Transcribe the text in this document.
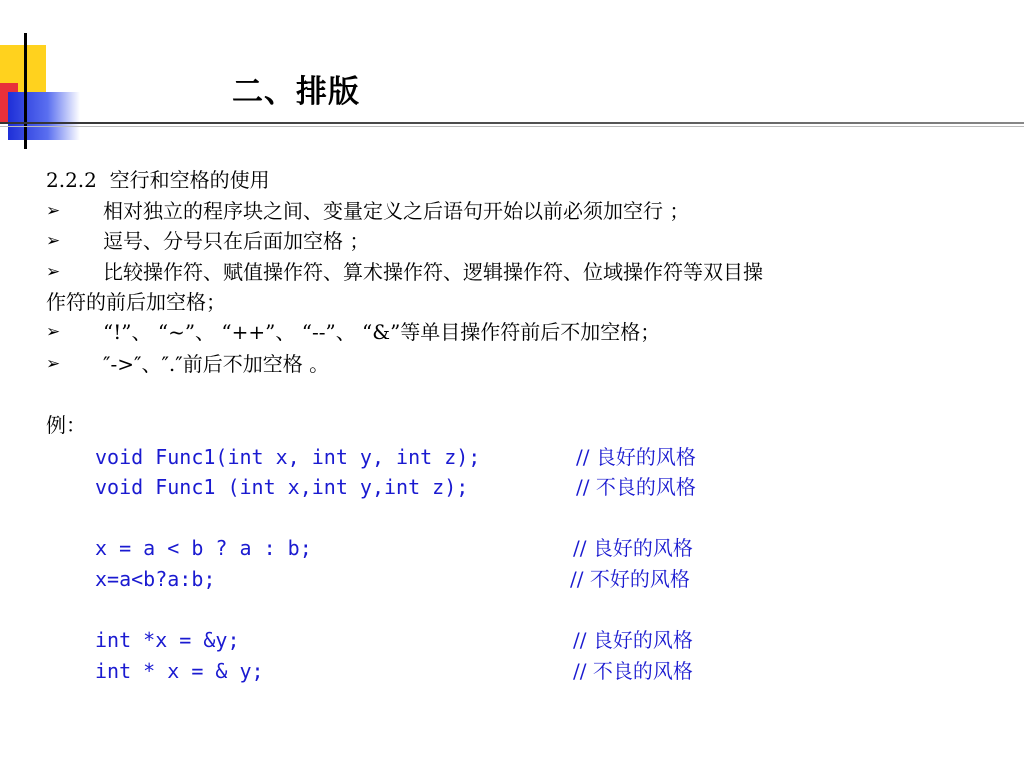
二、排版
2.2.2  空行和空格的使用
➢ 相对独立的程序块之间、变量定义之后语句开始以前必须加空行 ；
➢ 逗号、分号只在后面加空格 ；
➢ 比较操作符、赋值操作符、算术操作符、逻辑操作符、位域操作符等双目操
作符的前后加空格；
➢ “!”、 “~”、 “++”、 “--”、 “&”等单目操作符前后不加空格；
➢ ″->″、″.″前后不加空格 。
例：
void Func1(int x, int y, int z);	// 良好的风格
void Func1 (int x,int y,int z);	// 不良的风格
x = a < b ? a : b;	// 良好的风格
x=a<b?a:b;	// 不好的风格
int *x = &y;	// 良好的风格
int * x = & y;	// 不良的风格
